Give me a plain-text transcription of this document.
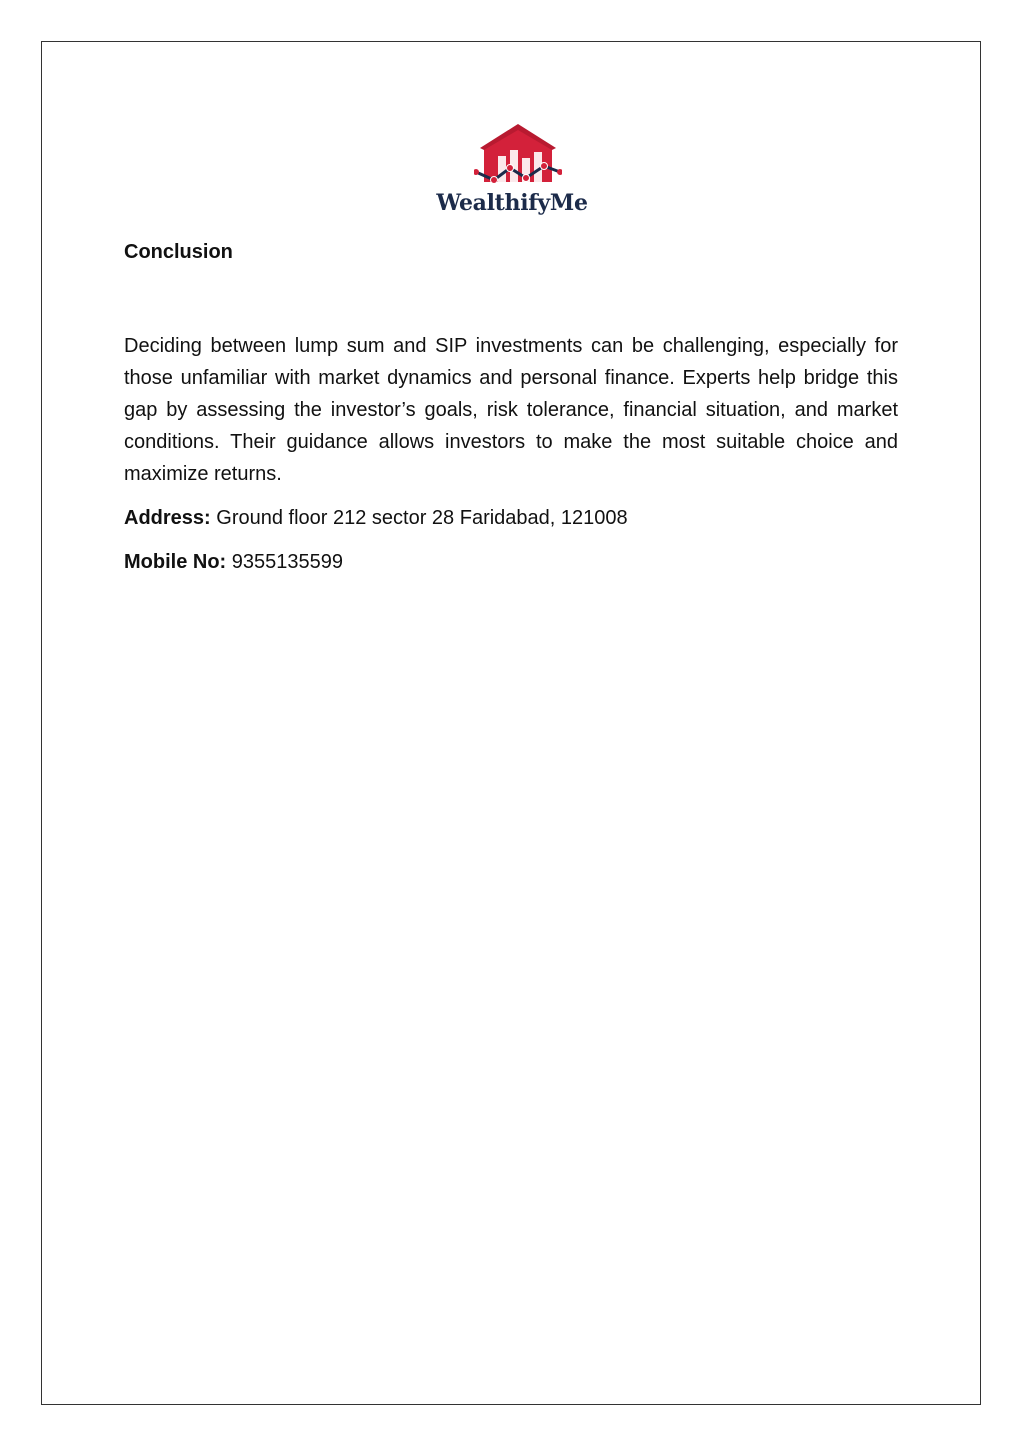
WealthifyMe
Conclusion

Deciding between lump sum and SIP investments can be challenging, especially for those unfamiliar with market dynamics and personal finance. Experts help bridge this gap by assessing the investor’s goals, risk tolerance, financial situation, and market conditions. Their guidance allows investors to make the most suitable choice and maximize returns.

Address: Ground floor 212 sector 28 Faridabad, 121008

Mobile No: 9355135599
